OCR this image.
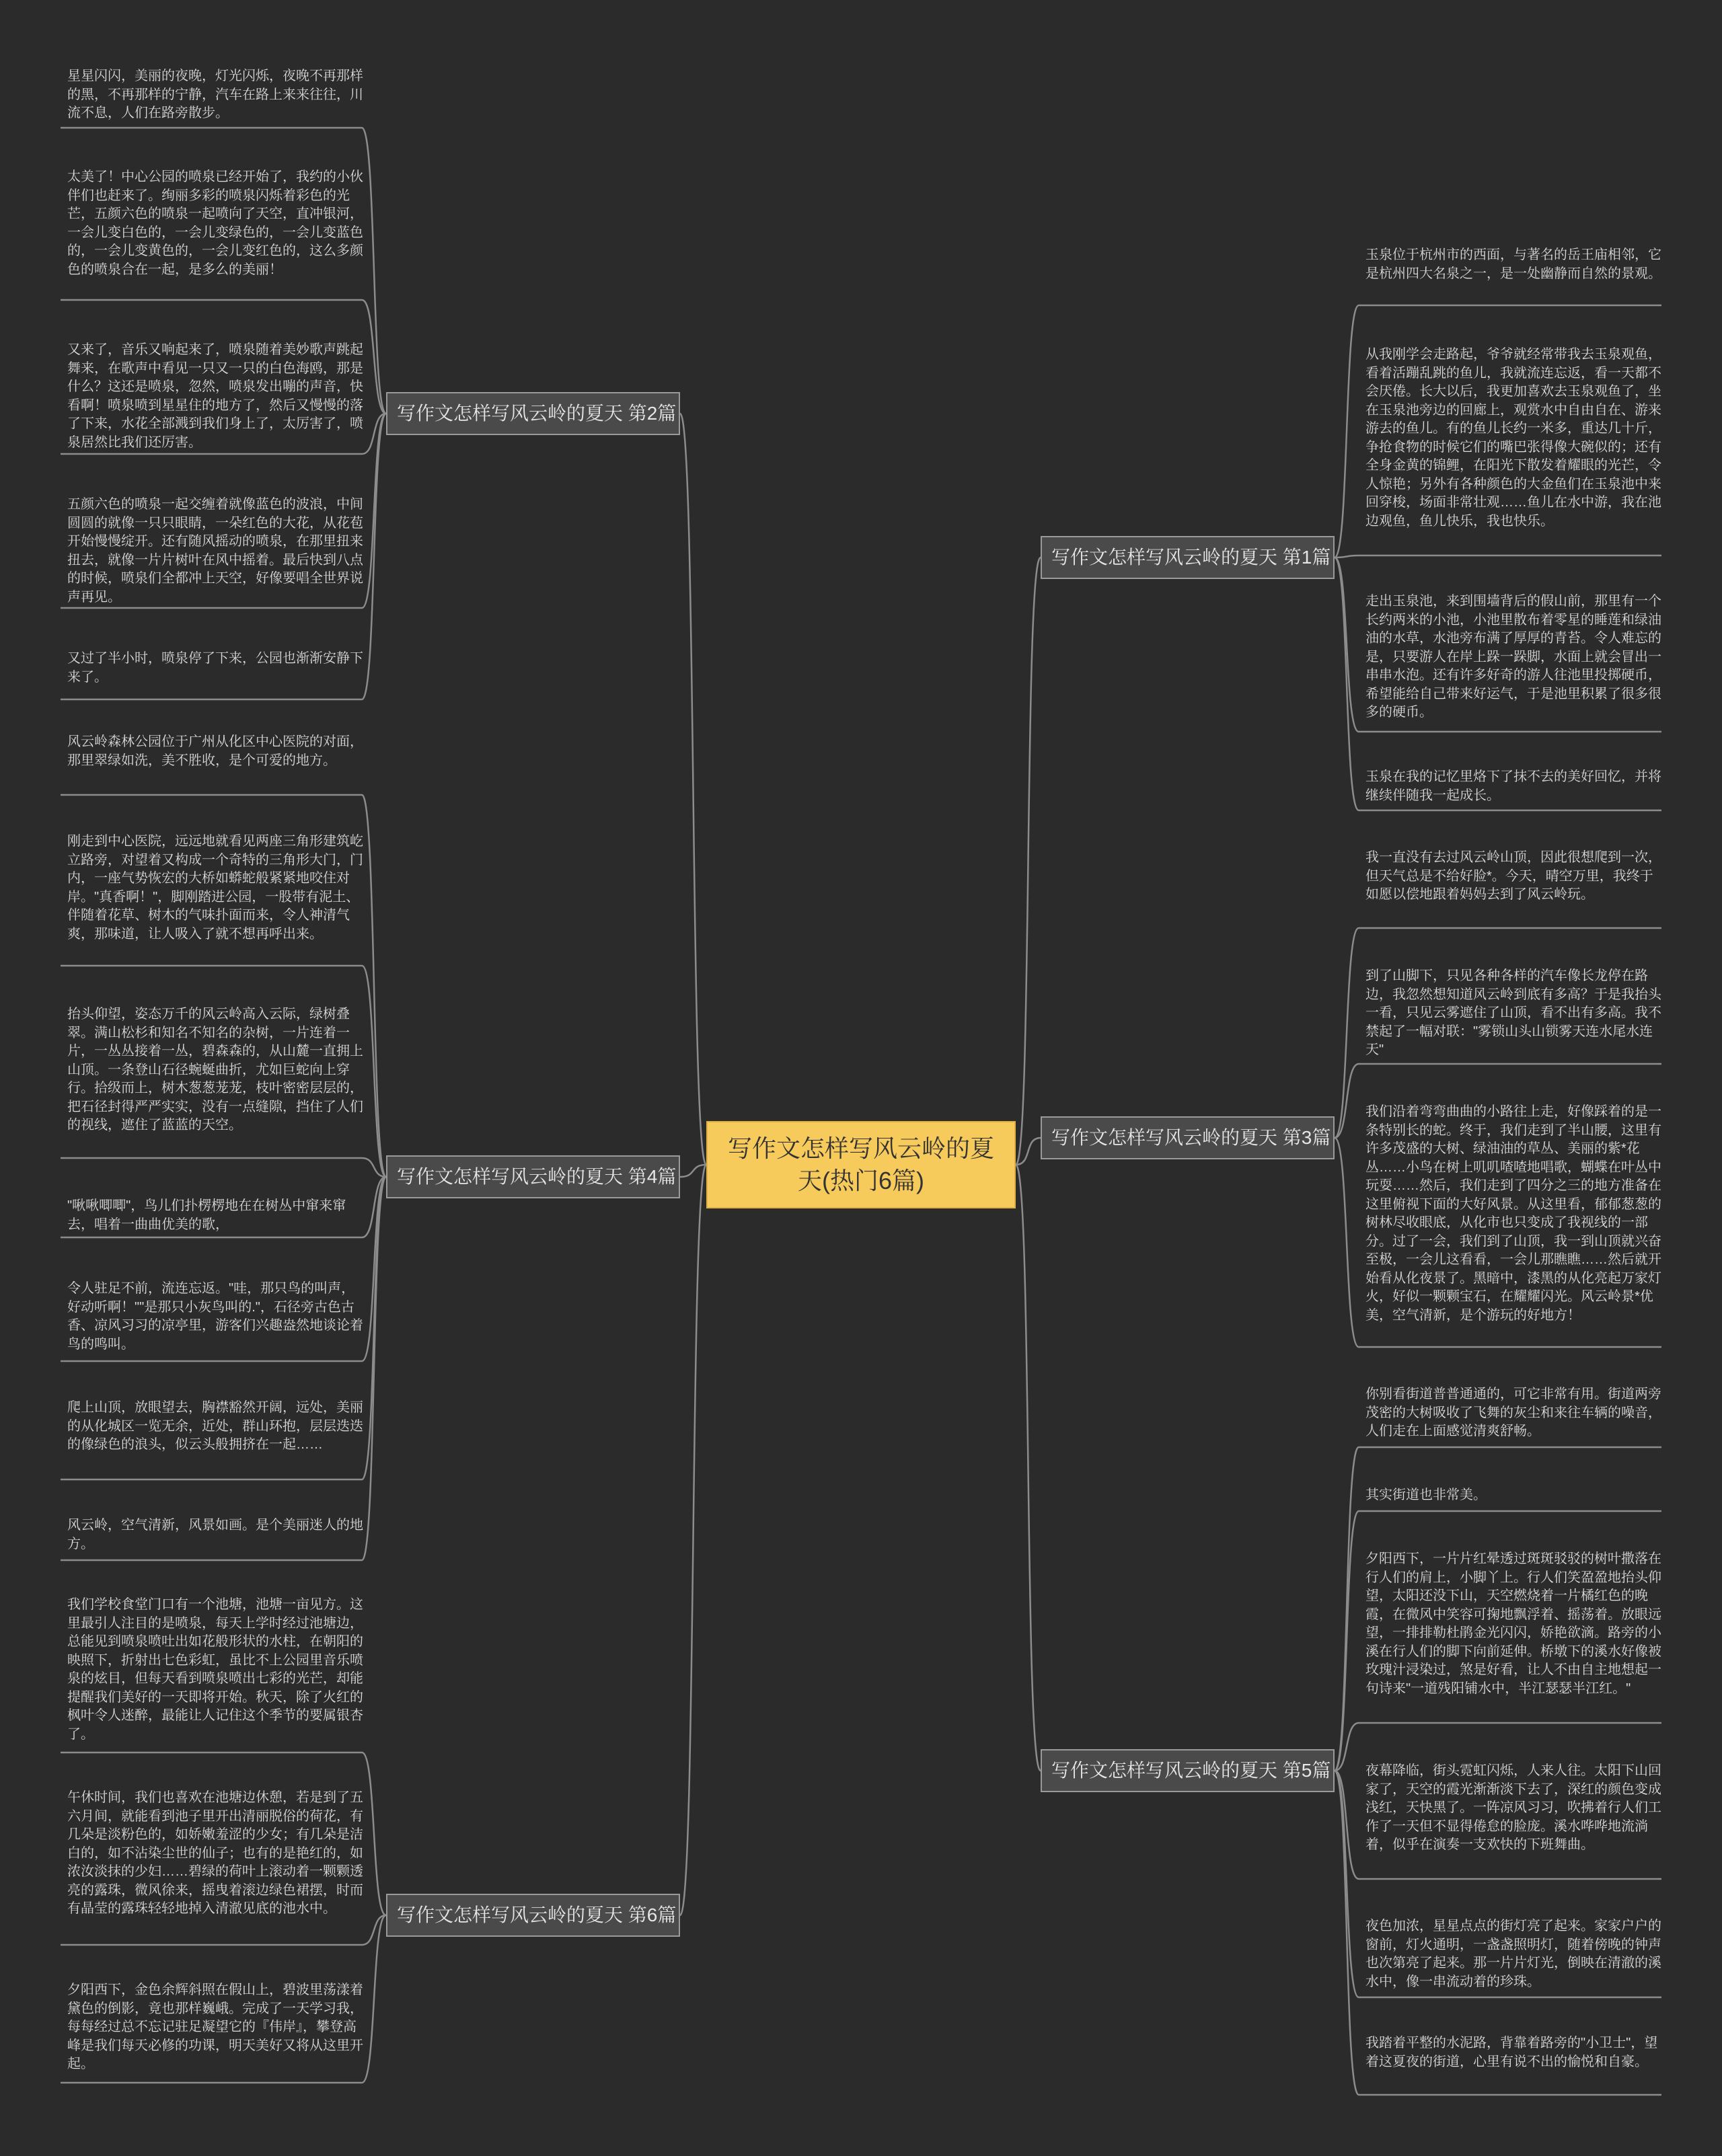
写作文怎样写风云岭的夏天(热门6篇)
写作文怎样写风云岭的夏天 第2篇

星星闪闪，美丽的夜晚，灯光闪烁，夜晚不再那样的黑，不再那样的宁静，汽车在路上来来往往，川流不息，人们在路旁散步。

太美了！中心公园的喷泉已经开始了，我约的小伙伴们也赶来了。绚丽多彩的喷泉闪烁着彩色的光芒，五颜六色的喷泉一起喷向了天空，直冲银河，一会儿变白色的，一会儿变绿色的，一会儿变蓝色的，一会儿变黄色的，一会儿变红色的，这么多颜色的喷泉合在一起，是多么的美丽！

又来了，音乐又响起来了，喷泉随着美妙歌声跳起舞来，在歌声中看见一只又一只的白色海鸥，那是什么？这还是喷泉，忽然，喷泉发出嘣的声音，快看啊！喷泉喷到星星住的地方了，然后又慢慢的落了下来，水花全部溅到我们身上了，太厉害了，喷泉居然比我们还厉害。

五颜六色的喷泉一起交缠着就像蓝色的波浪，中间圆圆的就像一只只眼睛，一朵红色的大花，从花苞开始慢慢绽开。还有随风摇动的喷泉，在那里扭来扭去，就像一片片树叶在风中摇着。最后快到八点的时候，喷泉们全都冲上天空，好像要唱全世界说声再见。

又过了半小时，喷泉停了下来，公园也渐渐安静下来了。

写作文怎样写风云岭的夏天 第4篇

风云岭森林公园位于广州从化区中心医院的对面，那里翠绿如洗，美不胜收，是个可爱的地方。

刚走到中心医院，远远地就看见两座三角形建筑屹立路旁，对望着又构成一个奇特的三角形大门，门内，一座气势恢宏的大桥如蟒蛇般紧紧地咬住对岸。"真香啊！"，脚刚踏进公园，一股带有泥土、伴随着花草、树木的气味扑面而来，令人神清气爽，那味道，让人吸入了就不想再呼出来。

抬头仰望，姿态万千的风云岭高入云际，绿树叠翠。满山松杉和知名不知名的杂树，一片连着一片，一丛丛接着一丛，碧森森的，从山麓一直拥上山顶。一条登山石径蜿蜒曲折，尤如巨蛇向上穿行。拾级而上，树木葱葱茏茏，枝叶密密层层的，把石径封得严严实实，没有一点缝隙，挡住了人们的视线，遮住了蓝蓝的天空。

"啾啾唧唧"，鸟儿们扑楞楞地在在树丛中窜来窜去，唱着一曲曲优美的歌，

令人驻足不前，流连忘返。"哇，那只鸟的叫声，好动听啊！""是那只小灰鸟叫的."，石径旁古色古香、凉风习习的凉亭里，游客们兴趣盎然地谈论着鸟的鸣叫。

爬上山顶，放眼望去，胸襟豁然开阔，远处，美丽的从化城区一览无余，近处，群山环抱，层层迭迭的像绿色的浪头，似云头般拥挤在一起……

风云岭，空气清新，风景如画。是个美丽迷人的地方。

写作文怎样写风云岭的夏天 第6篇

我们学校食堂门口有一个池塘，池塘一亩见方。这里最引人注目的是喷泉，每天上学时经过池塘边，总能见到喷泉喷吐出如花般形状的水柱，在朝阳的映照下，折射出七色彩虹，虽比不上公园里音乐喷泉的炫目，但每天看到喷泉喷出七彩的光芒，却能提醒我们美好的一天即将开始。秋天，除了火红的枫叶令人迷醉，最能让人记住这个季节的要属银杏了。

午休时间，我们也喜欢在池塘边休憩，若是到了五六月间，就能看到池子里开出清丽脱俗的荷花，有几朵是淡粉色的，如娇嫩羞涩的少女；有几朵是洁白的，如不沾染尘世的仙子；也有的是艳红的，如浓汝淡抹的少妇……碧绿的荷叶上滚动着一颗颗透亮的露珠，微风徐来，摇曳着滚边绿色裙摆，时而有晶莹的露珠轻轻地掉入清澈见底的池水中。

夕阳西下，金色余辉斜照在假山上，碧波里荡漾着黛色的倒影，竟也那样巍峨。完成了一天学习我，每每经过总不忘记驻足凝望它的『伟岸』，攀登高峰是我们每天必修的功课，明天美好又将从这里开起。

写作文怎样写风云岭的夏天 第1篇

玉泉位于杭州市的西面，与著名的岳王庙相邻，它是杭州四大名泉之一，是一处幽静而自然的景观。

从我刚学会走路起，爷爷就经常带我去玉泉观鱼，看着活蹦乱跳的鱼儿，我就流连忘返，看一天都不会厌倦。长大以后，我更加喜欢去玉泉观鱼了，坐在玉泉池旁边的回廊上，观赏水中自由自在、游来游去的鱼儿。有的鱼儿长约一米多，重达几十斤，争抢食物的时候它们的嘴巴张得像大碗似的；还有全身金黄的锦鲤，在阳光下散发着耀眼的光芒，令人惊艳；另外有各种颜色的大金鱼们在玉泉池中来回穿梭，场面非常壮观……鱼儿在水中游，我在池边观鱼，鱼儿快乐，我也快乐。

走出玉泉池，来到围墙背后的假山前，那里有一个长约两米的小池，小池里散布着零星的睡莲和绿油油的水草，水池旁布满了厚厚的青苔。令人难忘的是，只要游人在岸上跺一跺脚，水面上就会冒出一串串水泡。还有许多好奇的游人往池里投掷硬币，希望能给自己带来好运气，于是池里积累了很多很多的硬币。

玉泉在我的记忆里烙下了抹不去的美好回忆，并将继续伴随我一起成长。

写作文怎样写风云岭的夏天 第3篇

我一直没有去过风云岭山顶，因此很想爬到一次，但天气总是不给好脸*。今天，晴空万里，我终于如愿以偿地跟着妈妈去到了风云岭玩。

到了山脚下，只见各种各样的汽车像长龙停在路边，我忽然想知道风云岭到底有多高？于是我抬头一看，只见云雾遮住了山顶，看不出有多高。我不禁起了一幅对联："雾锁山头山锁雾天连水尾水连天"

我们沿着弯弯曲曲的小路往上走，好像踩着的是一条特别长的蛇。终于，我们走到了半山腰，这里有许多茂盛的大树、绿油油的草丛、美丽的紫*花丛……小鸟在树上叽叽喳喳地唱歌，蝴蝶在叶丛中玩耍……然后，我们走到了四分之三的地方准备在这里俯视下面的大好风景。从这里看，郁郁葱葱的树林尽收眼底，从化市也只变成了我视线的一部分。过了一会，我们到了山顶，我一到山顶就兴奋至极，一会儿这看看，一会儿那瞧瞧……然后就开始看从化夜景了。黑暗中，漆黑的从化亮起万家灯火，好似一颗颗宝石，在耀耀闪光。风云岭景*优美，空气清新，是个游玩的好地方！

写作文怎样写风云岭的夏天 第5篇

你别看街道普普通通的，可它非常有用。街道两旁茂密的大树吸收了飞舞的灰尘和来往车辆的噪音，人们走在上面感觉清爽舒畅。

其实街道也非常美。

夕阳西下，一片片红晕透过斑斑驳驳的树叶撒落在行人们的肩上，小脚丫上。行人们笑盈盈地抬头仰望，太阳还没下山，天空燃烧着一片橘红色的晚霞，在微风中笑容可掬地飘浮着、摇荡着。放眼远望，一排排勒杜鹃金光闪闪，娇艳欲滴。路旁的小溪在行人们的脚下向前延伸。桥墩下的溪水好像被玫瑰汁浸染过，煞是好看，让人不由自主地想起一句诗来"一道残阳铺水中，半江瑟瑟半江红。"

夜幕降临，街头霓虹闪烁，人来人往。太阳下山回家了，天空的霞光渐渐淡下去了，深红的颜色变成浅红，天快黑了。一阵凉风习习，吹拂着行人们工作了一天但不显得倦怠的脸庞。溪水哗哗地流淌着，似乎在演奏一支欢快的下班舞曲。

夜色加浓，星星点点的街灯亮了起来。家家户户的窗前，灯火通明，一盏盏照明灯，随着傍晚的钟声也次第亮了起来。那一片片灯光，倒映在清澈的溪水中，像一串流动着的珍珠。

我踏着平整的水泥路，背靠着路旁的"小卫士"，望着这夏夜的街道，心里有说不出的愉悦和自豪。
